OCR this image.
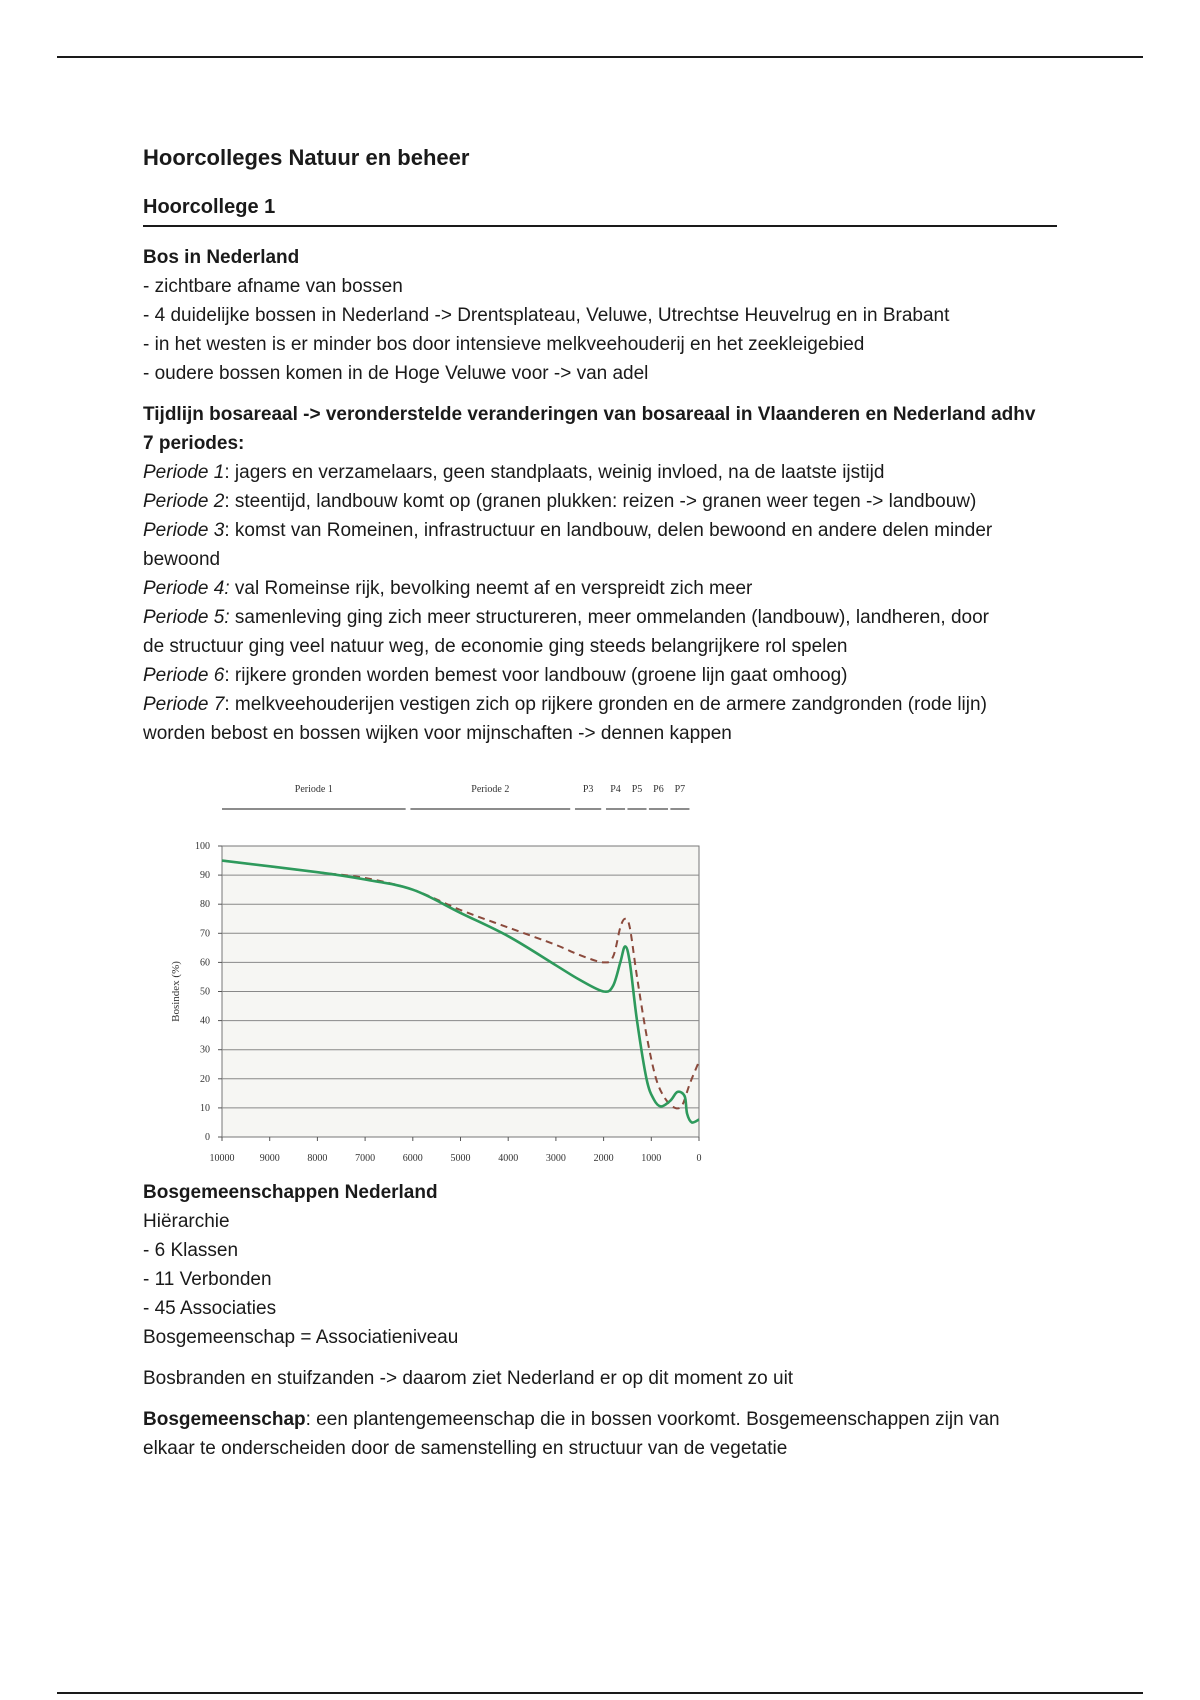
Hoorcolleges Natuur en beheer
Hoorcollege 1

Bos in Nederland

- zichtbare afname van bossen

- 4 duidelijke bossen in Nederland -> Drentsplateau, Veluwe, Utrechtse Heuvelrug en in Brabant

- in het westen is er minder bos door intensieve melkveehouderij en het zeekleigebied

- oudere bossen komen in de Hoge Veluwe voor -> van adel

Tijdlijn bosareaal -> veronderstelde veranderingen van bosareaal in Vlaanderen en Nederland adhv

7 periodes:

Periode 1: jagers en verzamelaars, geen standplaats, weinig invloed, na de laatste ijstijd

Periode 2: steentijd, landbouw komt op (granen plukken: reizen -> granen weer tegen -> landbouw)

Periode 3: komst van Romeinen, infrastructuur en landbouw, delen bewoond en andere delen minder

bewoond

Periode 4: val Romeinse rijk, bevolking neemt af en verspreidt zich meer

Periode 5: samenleving ging zich meer structureren, meer ommelanden (landbouw), landheren, door

de structuur ging veel natuur weg, de economie ging steeds belangrijkere rol spelen

Periode 6: rijkere gronden worden bemest voor landbouw (groene lijn gaat omhoog)

Periode 7: melkveehouderijen vestigen zich op rijkere gronden en de armere zandgronden (rode lijn)

worden bebost en bossen wijken voor mijnschaften -> dennen kappen

0
10
20
30
40
50
60
70
80
90
100
10000	9000	8000	7000	6000	5000	4000	3000	2000	1000	0
Bosindex (%)
Periode 1	Periode 2	P3 P4 P5 P6 P7

Bosgemeenschappen Nederland

Hiërarchie

- 6 Klassen

- 11 Verbonden

- 45 Associaties

Bosgemeenschap = Associatieniveau

Bosbranden en stuifzanden -> daarom ziet Nederland er op dit moment zo uit

Bosgemeenschap: een plantengemeenschap die in bossen voorkomt. Bosgemeenschappen zijn van

elkaar te onderscheiden door de samenstelling en structuur van de vegetatie
